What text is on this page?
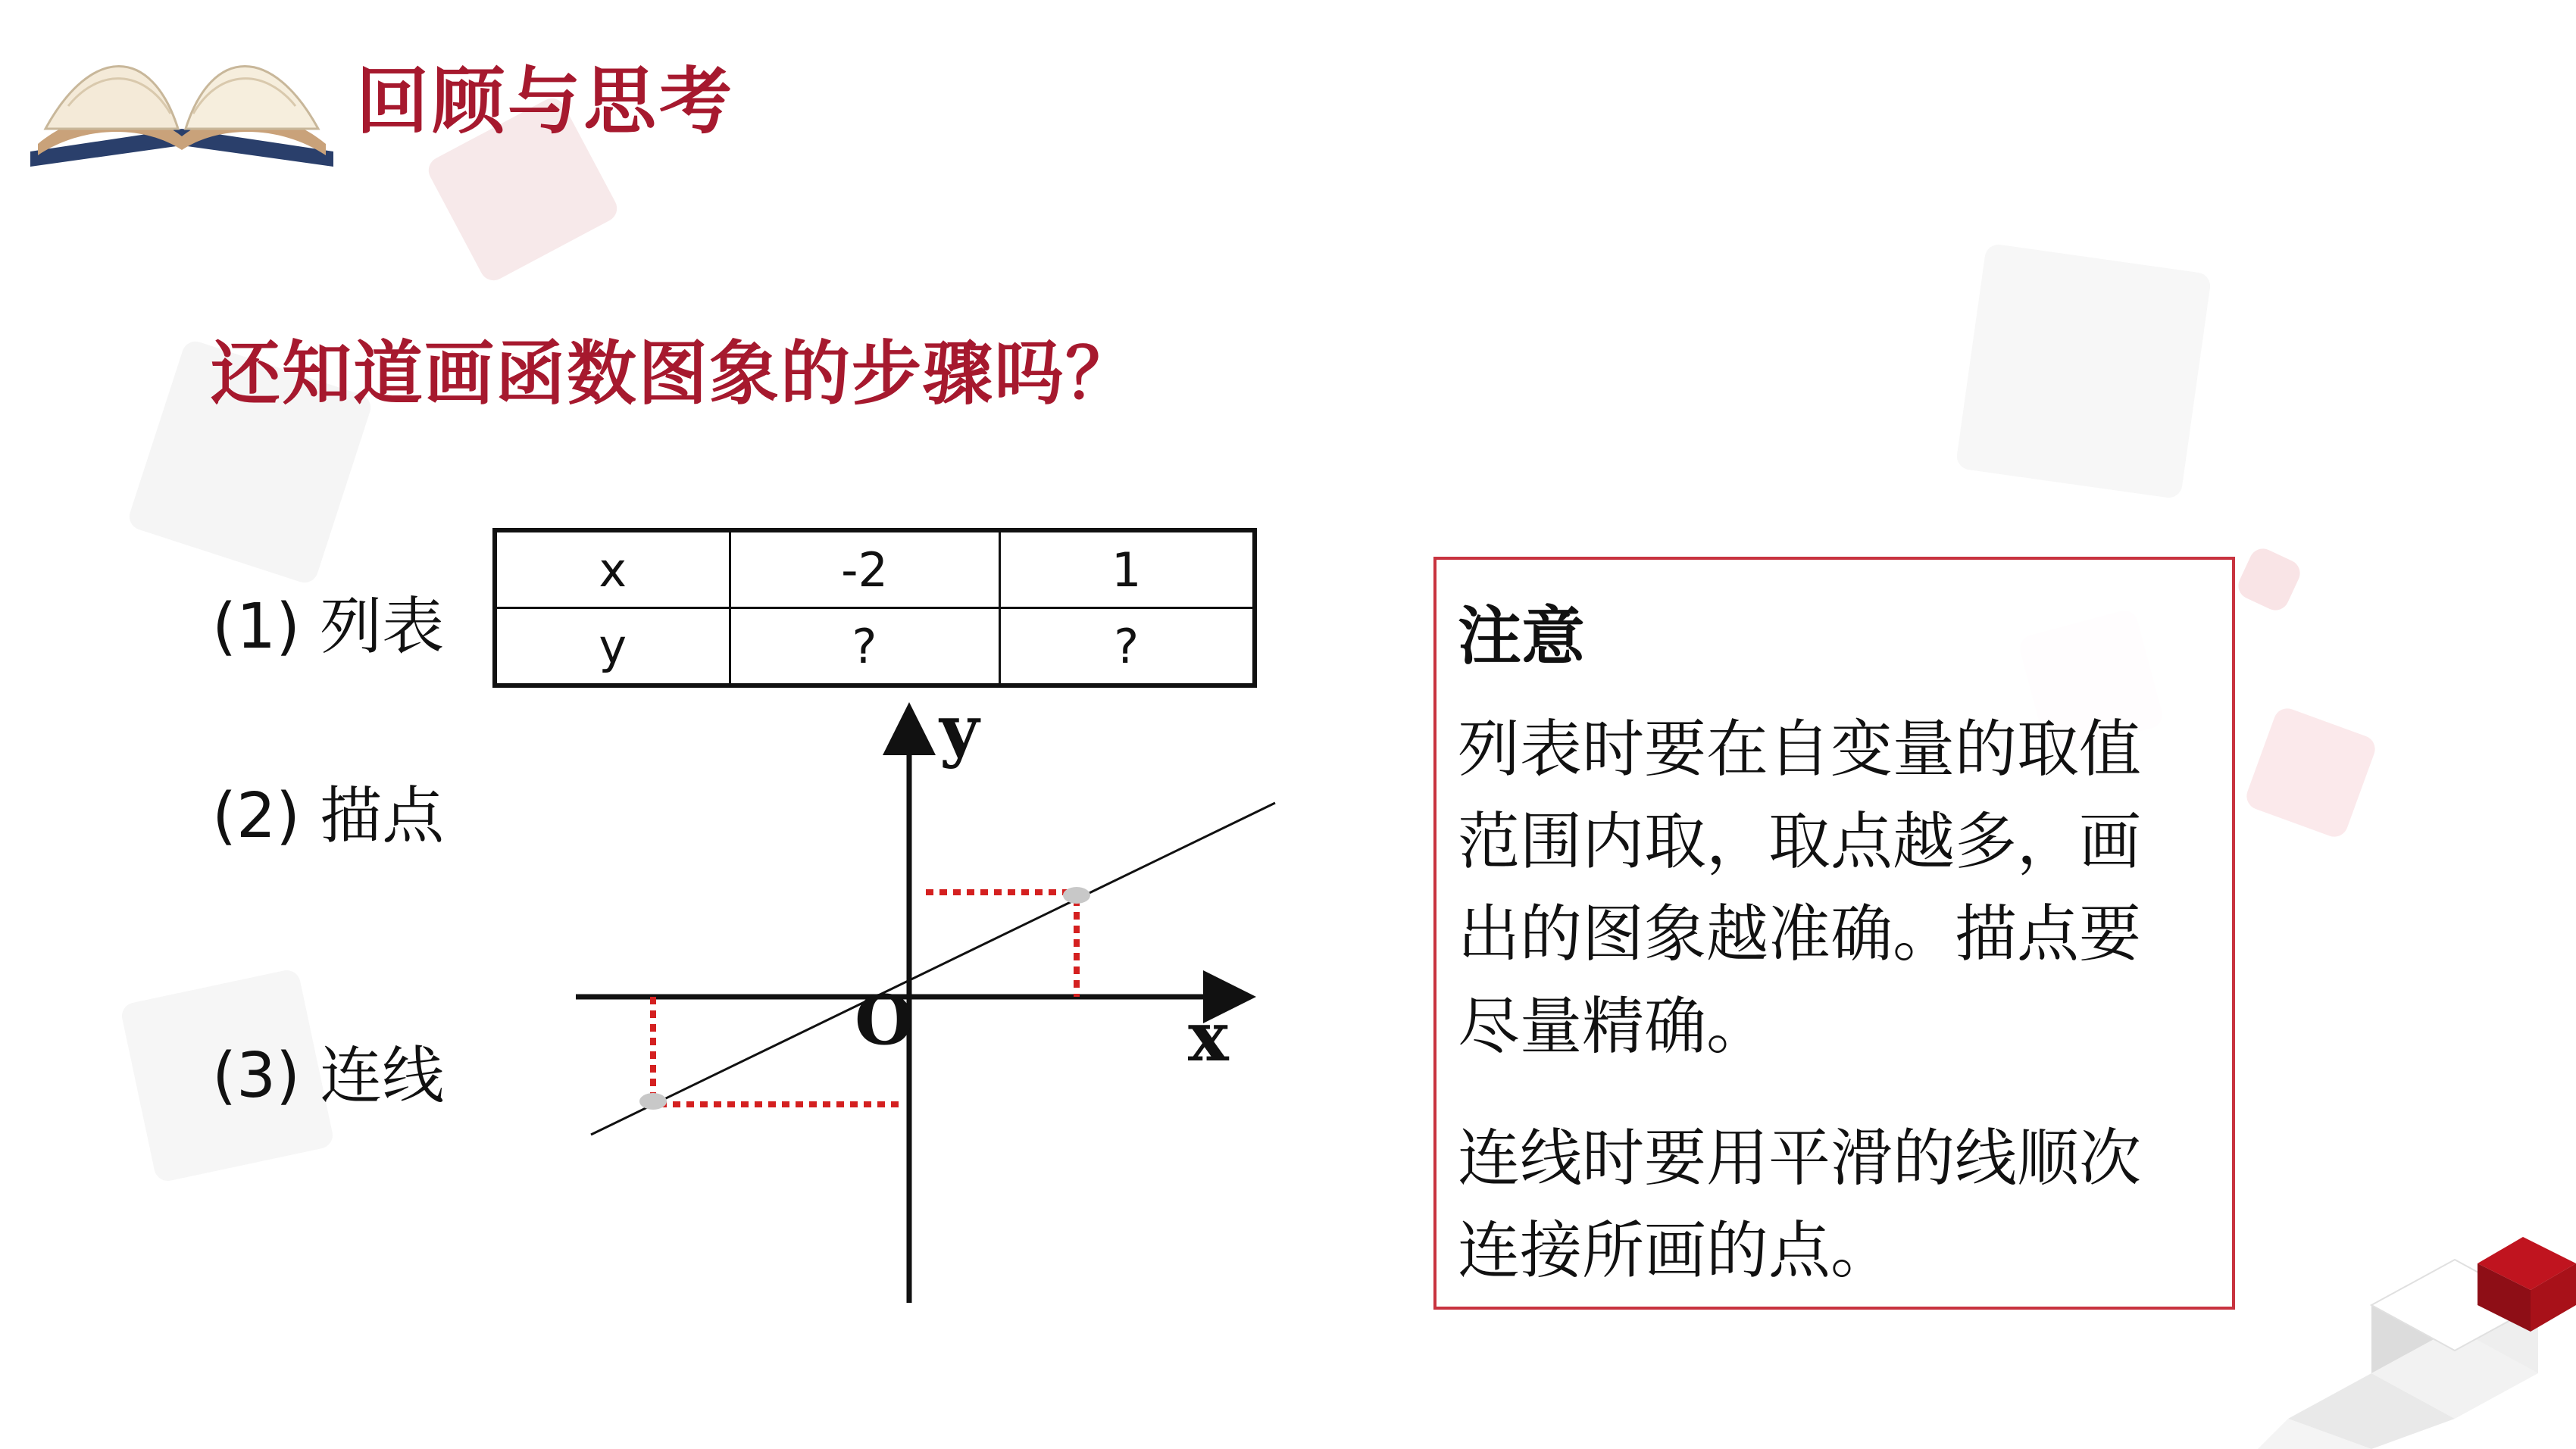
回顾与思考
还知道画函数图象的步骤吗？
(1) 列表
(2) 描点
(3) 连线
x	-2	1
y	?	?
y
x
O
注意
列表时要在自变量的取值范围内取，取点越多，画出的图象越准确。描点要尽量精确。
连线时要用平滑的线顺次连接所画的点。
